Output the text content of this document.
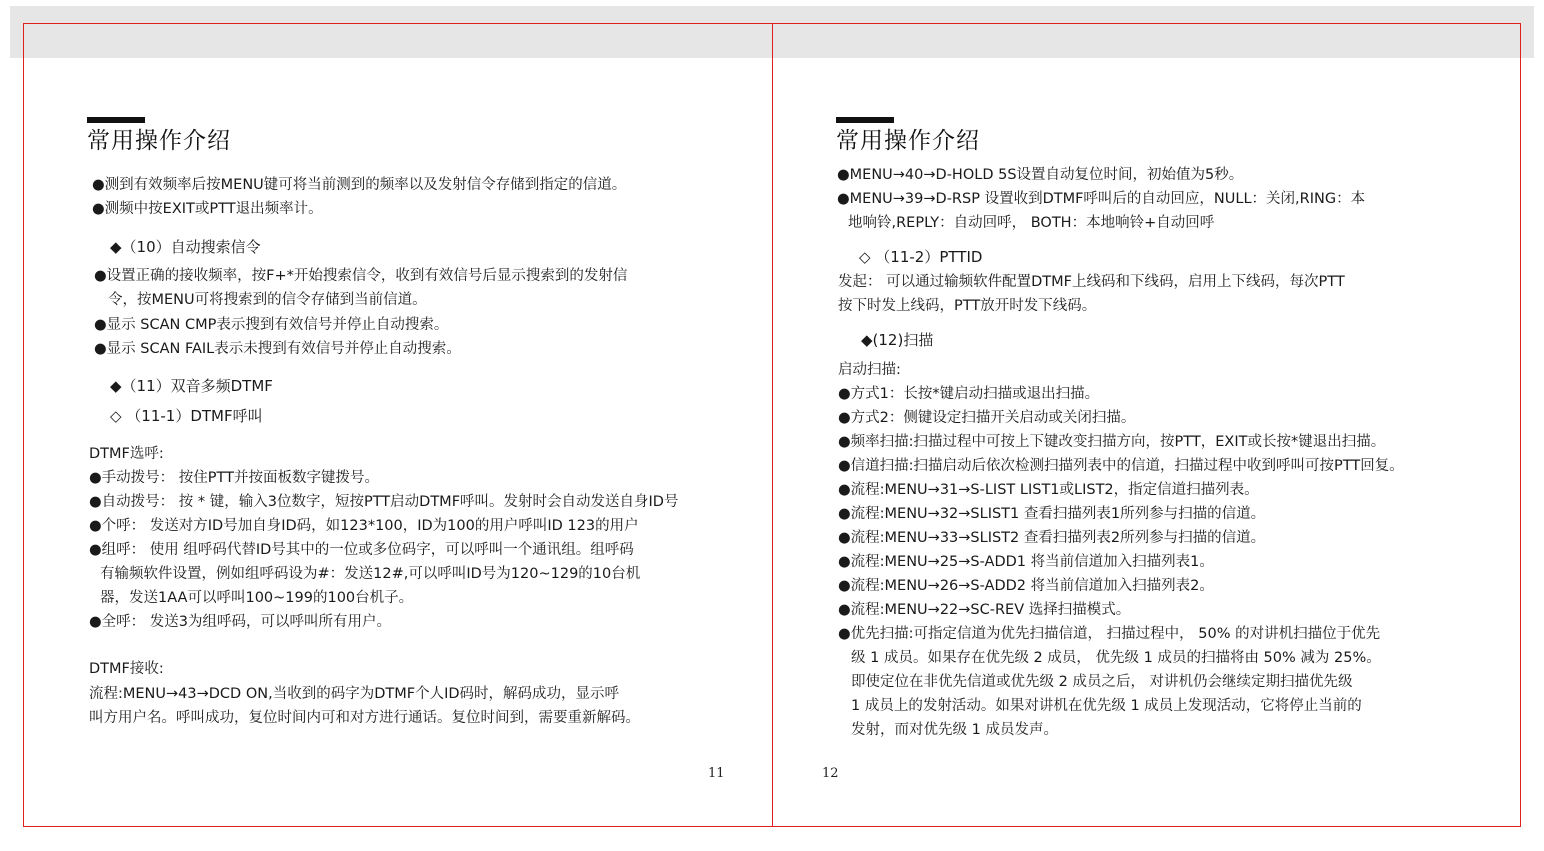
常用操作介绍
●测到有效频率后按MENU键可将当前测到的频率以及发射信令存储到指定的信道。
●测频中按EXIT或PTT退出频率计。
◆（10）自动搜索信令
●设置正确的接收频率，按F+*开始搜索信令，收到有效信号后显示搜索到的发射信
令，按MENU可将搜索到的信令存储到当前信道。
●显示 SCAN CMP表示搜到有效信号并停止自动搜索。
●显示 SCAN FAIL表示未搜到有效信号并停止自动搜索。
◆（11）双音多频DTMF
◇ （11-1）DTMF呼叫
DTMF选呼:
●手动拨号： 按住PTT并按面板数字键拨号。
●自动拨号： 按 * 键，输入3位数字，短按PTT启动DTMF呼叫。发射时会自动发送自身ID号
●个呼： 发送对方ID号加自身ID码，如123*100，ID为100的用户呼叫ID 123的用户
●组呼： 使用 组呼码代替ID号其中的一位或多位码字，可以呼叫一个通讯组。组呼码
有输频软件设置，例如组呼码设为#：发送12#,可以呼叫ID号为120~129的10台机
器，发送1AA可以呼叫100~199的100台机子。
●全呼： 发送3为组呼码，可以呼叫所有用户。
DTMF接收:
流程:MENU→43→DCD ON,当收到的码字为DTMF个人ID码时，解码成功，显示呼
叫方用户名。呼叫成功，复位时间内可和对方进行通话。复位时间到，需要重新解码。
11
常用操作介绍
●MENU→40→D-HOLD 5S设置自动复位时间，初始值为5秒。
●MENU→39→D-RSP 设置收到DTMF呼叫后的自动回应，NULL：关闭,RING：本
地响铃,REPLY：自动回呼， BOTH：本地响铃+自动回呼
◇ （11-2）PTTID
发起： 可以通过输频软件配置DTMF上线码和下线码，启用上下线码，每次PTT
按下时发上线码，PTT放开时发下线码。
◆(12)扫描
启动扫描:
●方式1：长按*键启动扫描或退出扫描。
●方式2：侧键设定扫描开关启动或关闭扫描。
●频率扫描:扫描过程中可按上下键改变扫描方向，按PTT，EXIT或长按*键退出扫描。
●信道扫描:扫描启动后依次检测扫描列表中的信道，扫描过程中收到呼叫可按PTT回复。
●流程:MENU→31→S-LIST LIST1或LIST2，指定信道扫描列表。
●流程:MENU→32→SLIST1 查看扫描列表1所列参与扫描的信道。
●流程:MENU→33→SLIST2 查看扫描列表2所列参与扫描的信道。
●流程:MENU→25→S-ADD1 将当前信道加入扫描列表1。
●流程:MENU→26→S-ADD2 将当前信道加入扫描列表2。
●流程:MENU→22→SC-REV 选择扫描模式。
●优先扫描:可指定信道为优先扫描信道， 扫描过程中， 50% 的对讲机扫描位于优先
级 1 成员。如果存在优先级 2 成员， 优先级 1 成员的扫描将由 50% 减为 25%。
即使定位在非优先信道或优先级 2 成员之后， 对讲机仍会继续定期扫描优先级
1 成员上的发射活动。如果对讲机在优先级 1 成员上发现活动，它将停止当前的
发射，而对优先级 1 成员发声。
12
